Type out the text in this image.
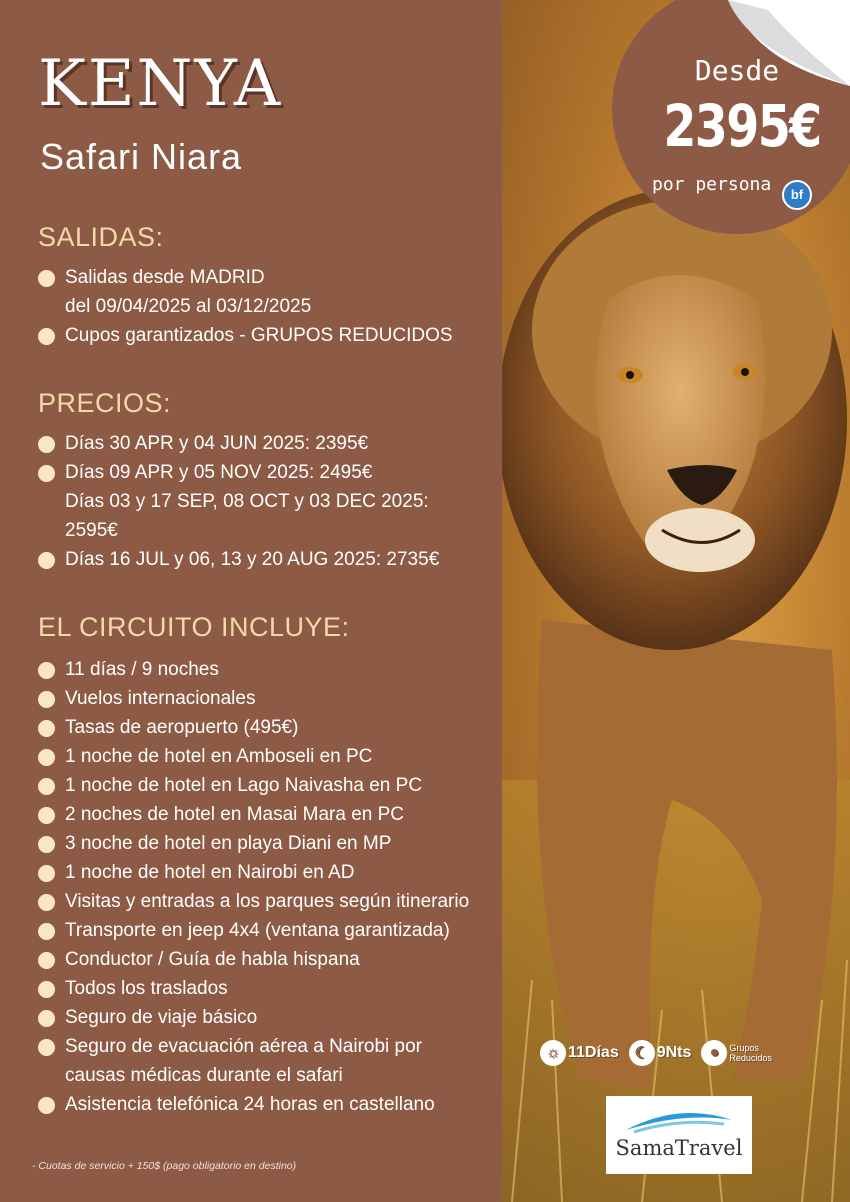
KENYA
Safari Niara
SALIDAS:
Salidas desde MADRID
del 09/04/2025 al 03/12/2025
Cupos garantizados - GRUPOS REDUCIDOS
PRECIOS:
Días 30 APR y 04 JUN 2025: 2395€
Días 09 APR y 05 NOV 2025: 2495€
Días 03 y 17 SEP, 08 OCT y 03 DEC 2025:
2595€
Días 16 JUL y 06, 13 y 20 AUG 2025: 2735€
EL CIRCUITO INCLUYE:
11 días / 9 noches
Vuelos internacionales
Tasas de aeropuerto (495€)
1 noche de hotel en Amboseli en PC
1 noche de hotel en Lago Naivasha en PC
2 noches de hotel en Masai Mara en PC
3 noche de hotel en playa Diani en MP
1 noche de hotel en Nairobi en AD
Visitas y entradas a los parques según itinerario
Transporte en jeep 4x4 (ventana garantizada)
Conductor / Guía de habla hispana
Todos los traslados
Seguro de viaje básico
Seguro de evacuación aérea a Nairobi por
causas médicas durante el safari
Asistencia telefónica 24 horas en castellano
- Cuotas de servicio + 150$ (pago obligatorio en destino)
Desde
2395€
por persona	bf
☼ 11Días ☾ 9Nts	●	Grupos
Reducidos
SamaTravel
